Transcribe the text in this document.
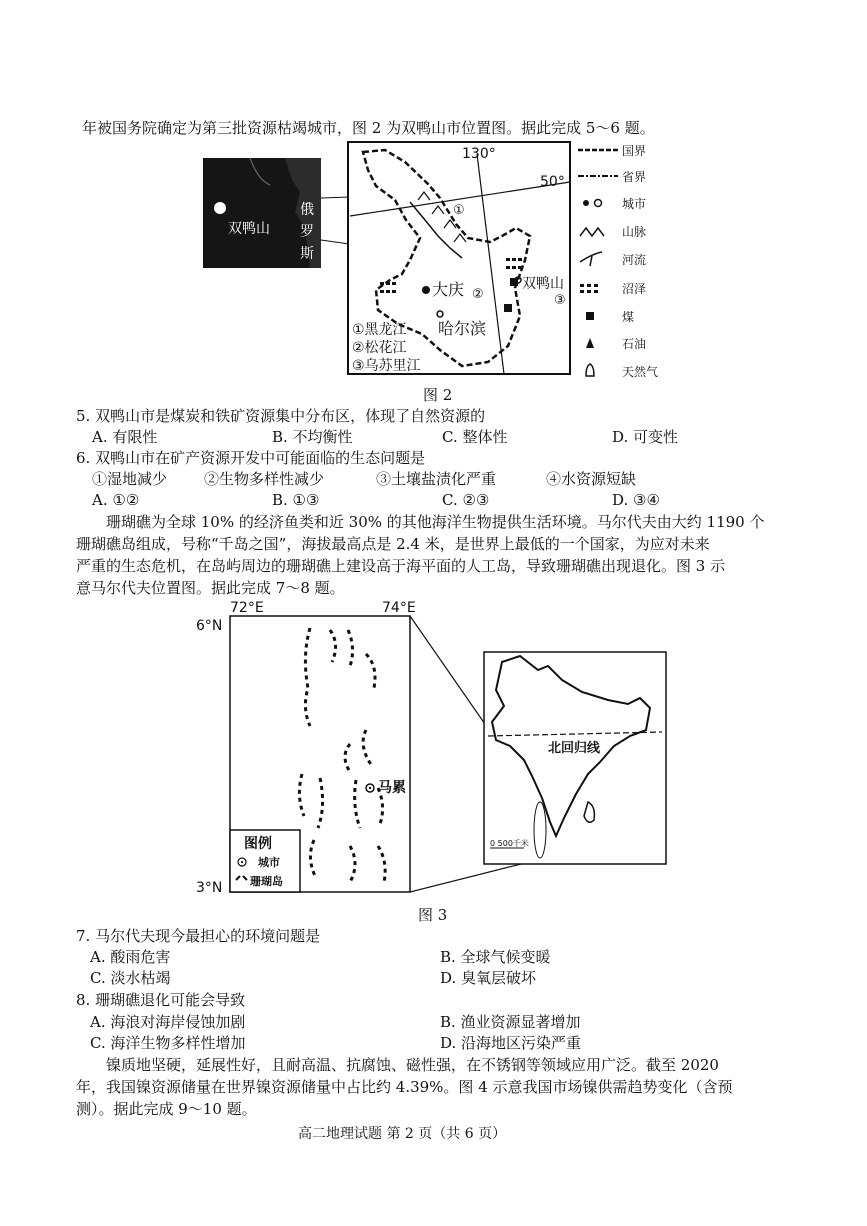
年被国务院确定为第三批资源枯竭城市，图 2 为双鸭山市位置图。据此完成 5～6 题。
双鸭山
俄
罗
斯
130°
50°
大庆	双鸭山
哈尔滨
①
②	③
①黑龙江
②松花江
③乌苏里江
国界
省界
城市
山脉
河流
沼泽
煤
石油
天然气
图 2
5. 双鸭山市是煤炭和铁矿资源集中分布区，体现了自然资源的
A. 有限性	B. 不均衡性	C. 整体性	D. 可变性
6. 双鸭山市在矿产资源开发中可能面临的生态问题是
①湿地减少 ②生物多样性减少	③土壤盐渍化严重	④水资源短缺
A. ①②	B. ①③	C. ②③	D. ③④
珊瑚礁为全球 10% 的经济鱼类和近 30% 的其他海洋生物提供生活环境。马尔代夫由大约 1190 个
珊瑚礁岛组成，号称“千岛之国”，海拔最高点是 2.4 米，是世界上最低的一个国家，为应对未来
严重的生态危机，在岛屿周边的珊瑚礁上建设高于海平面的人工岛，导致珊瑚礁出现退化。图 3 示
意马尔代夫位置图。据此完成 7～8 题。
72°E	74°E
6°N
3°N
马累
图例
城市
珊瑚岛
北回归线
0 500千米
图 3
7. 马尔代夫现今最担心的环境问题是
A. 酸雨危害	B. 全球气候变暖
C. 淡水枯竭	D. 臭氧层破坏
8. 珊瑚礁退化可能会导致
A. 海浪对海岸侵蚀加剧	B. 渔业资源显著增加
C. 海洋生物多样性增加	D. 沿海地区污染严重
镍质地坚硬，延展性好，且耐高温、抗腐蚀、磁性强，在不锈钢等领域应用广泛。截至 2020
年，我国镍资源储量在世界镍资源储量中占比约 4.39%。图 4 示意我国市场镍供需趋势变化（含预
测）。据此完成 9～10 题。
高二地理试题 第 2 页（共 6 页）
